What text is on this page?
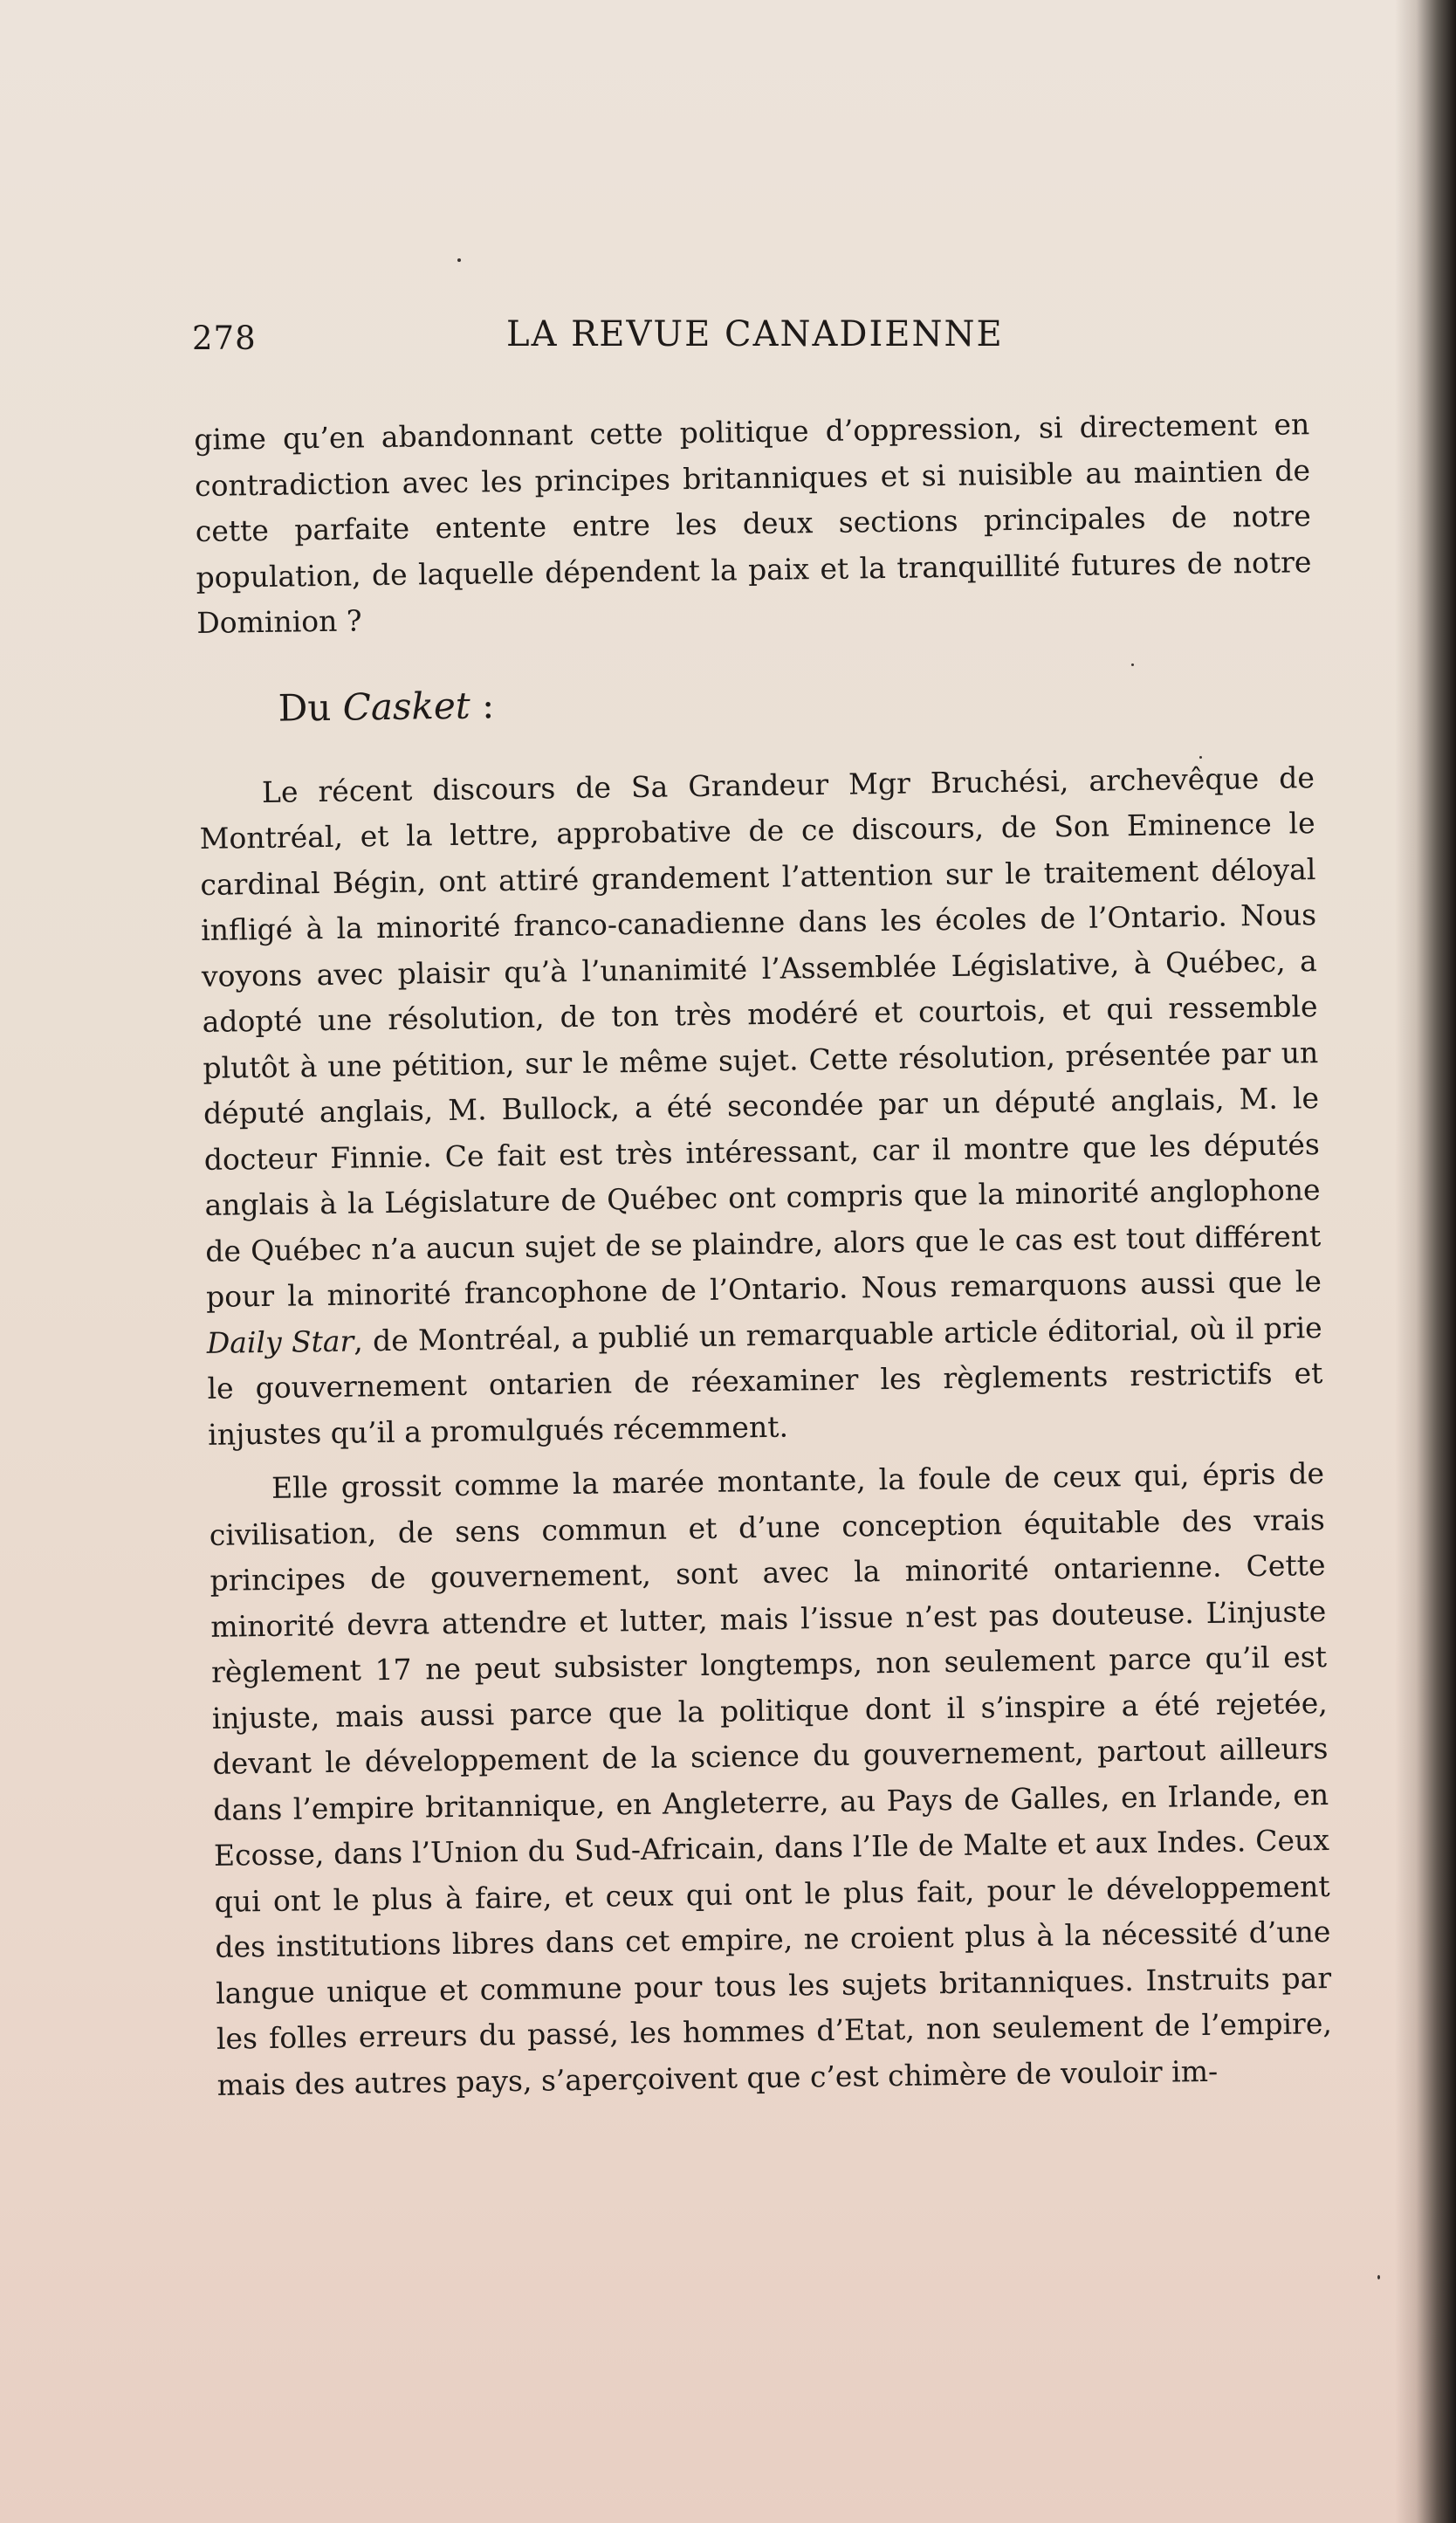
278	LA REVUE CANADIENNE

gime qu’en abandonnant cette politique d’oppression, si directement en contradiction avec les principes britanniques et si nuisible au maintien de cette parfaite entente entre les deux sections principales de notre population, de laquelle dépendent la paix et la tranquillité futures de notre Dominion ?

Du Casket :

Le récent discours de Sa Grandeur Mgr Bruchési, archevêque de Montréal, et la lettre, approbative de ce discours, de Son Eminence le cardinal Bégin, ont attiré grandement l’attention sur le traitement déloyal infligé à la minorité franco-canadienne dans les écoles de l’Ontario. Nous voyons avec plaisir qu’à l’unanimité l’Assemblée Législative, à Québec, a adopté une résolution, de ton très modéré et courtois, et qui ressemble plutôt à une pétition, sur le même sujet. Cette résolution, présentée par un député anglais, M. Bullock, a été secondée par un député anglais, M. le docteur Finnie. Ce fait est très intéressant, car il montre que les députés anglais à la Législature de Québec ont compris que la minorité anglophone de Québec n’a aucun sujet de se plaindre, alors que le cas est tout différent pour la minorité francophone de l’Ontario. Nous remarquons aussi que le Daily Star, de Montréal, a publié un remarquable article éditorial, où il prie le gouvernement ontarien de réexaminer les règlements restrictifs et injustes qu’il a promulgués récemment.

Elle grossit comme la marée montante, la foule de ceux qui, épris de civilisation, de sens commun et d’une conception équitable des vrais principes de gouvernement, sont avec la minorité ontarienne. Cette minorité devra attendre et lutter, mais l’issue n’est pas douteuse. L’injuste règlement 17 ne peut subsister longtemps, non seulement parce qu’il est injuste, mais aussi parce que la politique dont il s’inspire a été rejetée, devant le développement de la science du gouvernement, partout ailleurs dans l’empire britannique, en Angleterre, au Pays de Galles, en Irlande, en Ecosse, dans l’Union du Sud-Africain, dans l’Ile de Malte et aux Indes. Ceux qui ont le plus à faire, et ceux qui ont le plus fait, pour le développement des institutions libres dans cet empire, ne croient plus à la nécessité d’une langue unique et commune pour tous les sujets britanniques. Instruits par les folles erreurs du passé, les hommes d’Etat, non seulement de l’empire, mais des autres pays, s’aperçoivent que c’est chimère de vouloir im-
